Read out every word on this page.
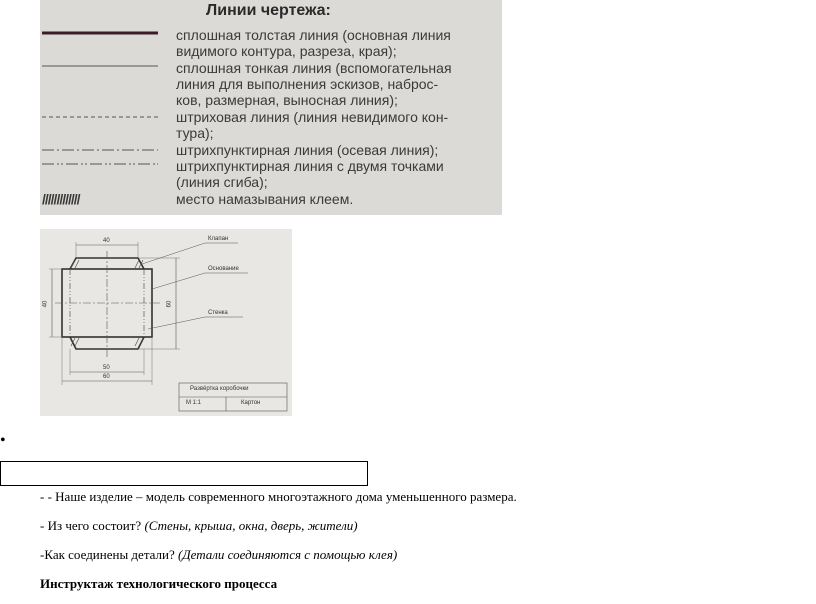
Линии чертежа:
сплошная толстая линия (основная линия
видимого контура, разреза, края);
сплошная тонкая линия (вспомогательная
линия для выполнения эскизов, наброс-
ков, размерная, выносная линия);
штриховая линия (линия невидимого кон-
тура);
штрихпунктирная линия (осевая линия);
штрихпунктирная линия с двумя точками
(линия сгиба);
/////////////	место намазывания клеем.
Клапан
Основание
Стенка
40
40	60
50
60
Развёртка коробочки
М 1:1	Картон
•
- - Наше изделие – модель современного многоэтажного дома уменьшенного размера.
- Из чего состоит? (Стены, крыша, окна, дверь, жители)
-Как соединены детали? (Детали соединяются с помощью клея)
Инструктаж технологического процесса
